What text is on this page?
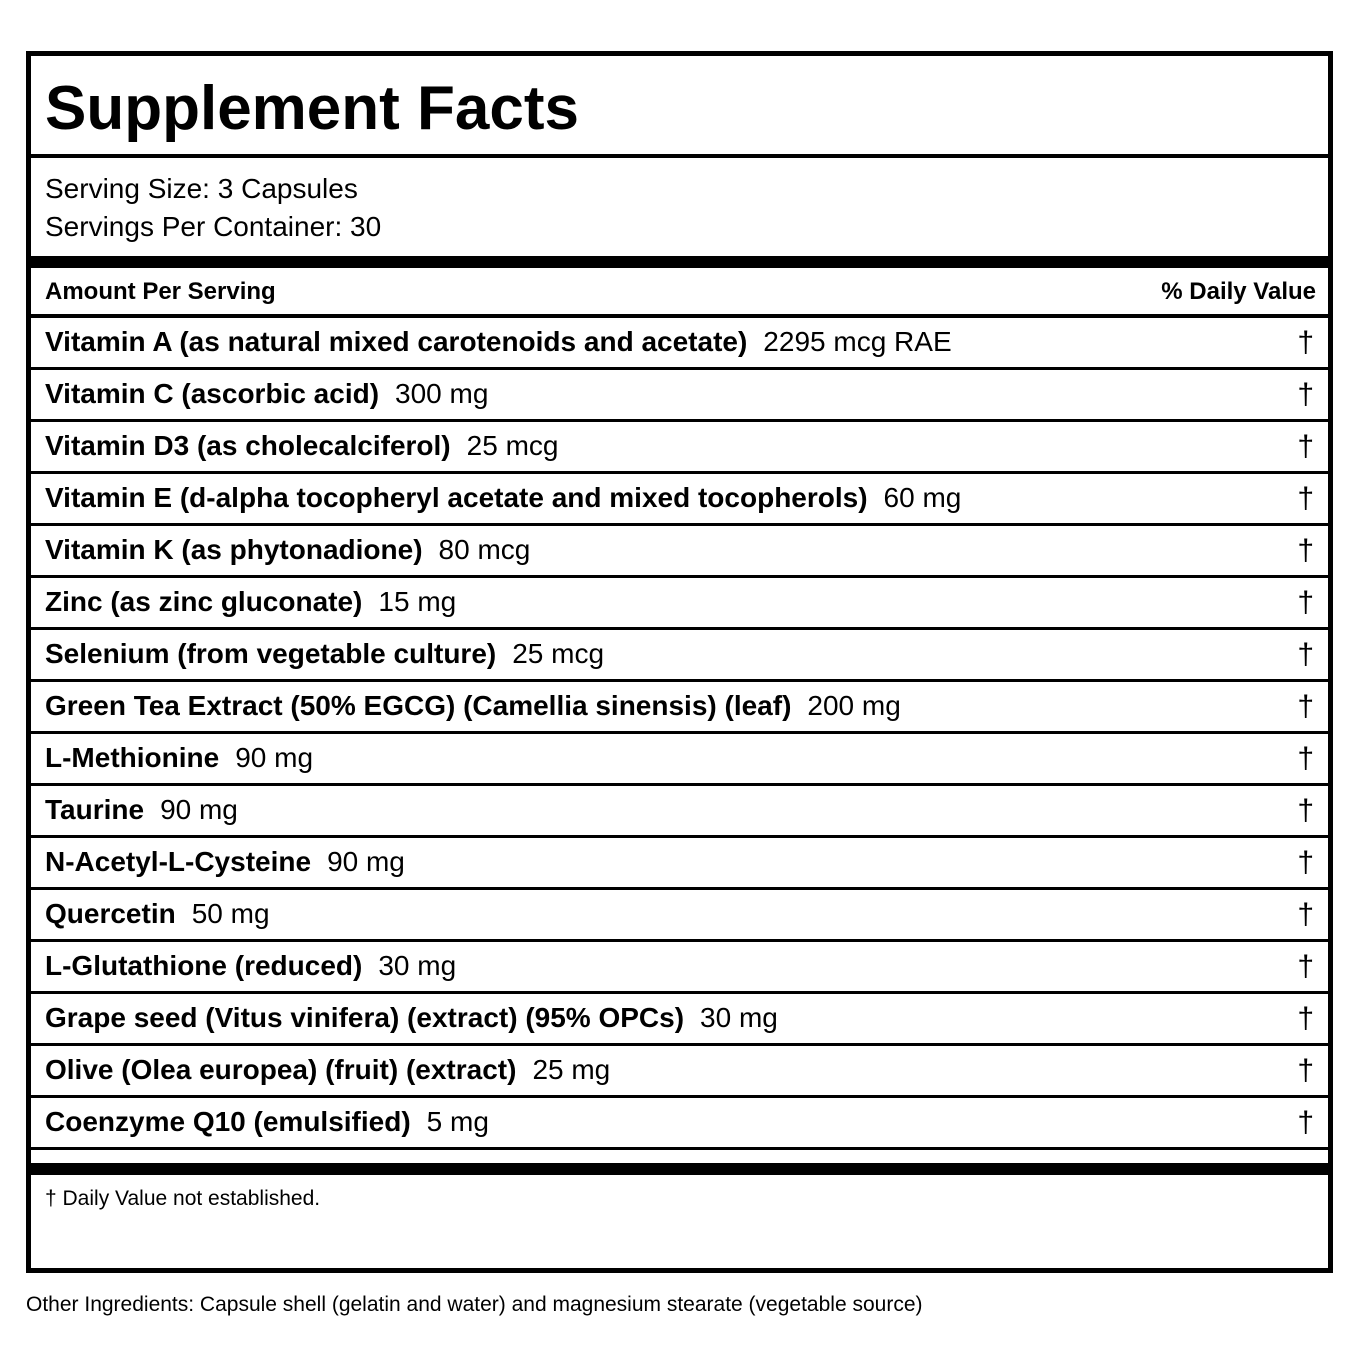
Supplement Facts
Serving Size: 3 Capsules
Servings Per Container: 30
Amount Per Serving	% Daily Value
Vitamin A (as natural mixed carotenoids and acetate) 2295 mcg RAE	†
Vitamin C (ascorbic acid) 300 mg	†
Vitamin D3 (as cholecalciferol) 25 mcg	†
Vitamin E (d-alpha tocopheryl acetate and mixed tocopherols) 60 mg	†
Vitamin K (as phytonadione) 80 mcg	†
Zinc (as zinc gluconate) 15 mg	†
Selenium (from vegetable culture) 25 mcg	†
Green Tea Extract (50% EGCG) (Camellia sinensis) (leaf) 200 mg	†
L-Methionine 90 mg	†
Taurine 90 mg	†
N-Acetyl-L-Cysteine 90 mg	†
Quercetin 50 mg	†
L-Glutathione (reduced) 30 mg	†
Grape seed (Vitus vinifera) (extract) (95% OPCs) 30 mg	†
Olive (Olea europea) (fruit) (extract) 25 mg	†
Coenzyme Q10 (emulsified) 5 mg	†
† Daily Value not established.
Other Ingredients: Capsule shell (gelatin and water) and magnesium stearate (vegetable source)
